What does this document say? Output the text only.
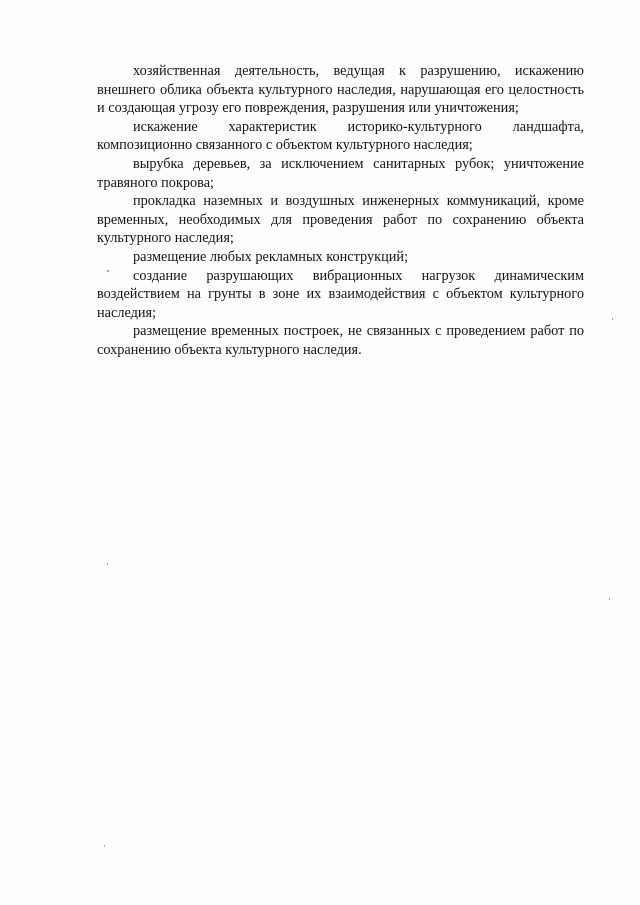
хозяйственная деятельность, ведущая к разрушению, искажению внешнего облика объекта культурного наследия, нарушающая его целостность и создающая угрозу его повреждения, разрушения или уничтожения;

искажение характеристик историко-культурного ландшафта, композиционно связанного с объектом культурного наследия;

вырубка деревьев, за исключением санитарных рубок; уничтожение травяного покрова;

прокладка наземных и воздушных инженерных коммуникаций, кроме временных, необходимых для проведения работ по сохранению объекта культурного наследия;

размещение любых рекламных конструкций;

создание разрушающих вибрационных нагрузок динамическим воздействием на грунты в зоне их взаимодействия с объектом культурного наследия;

размещение временных построек, не связанных с проведением работ по сохранению объекта культурного наследия.
